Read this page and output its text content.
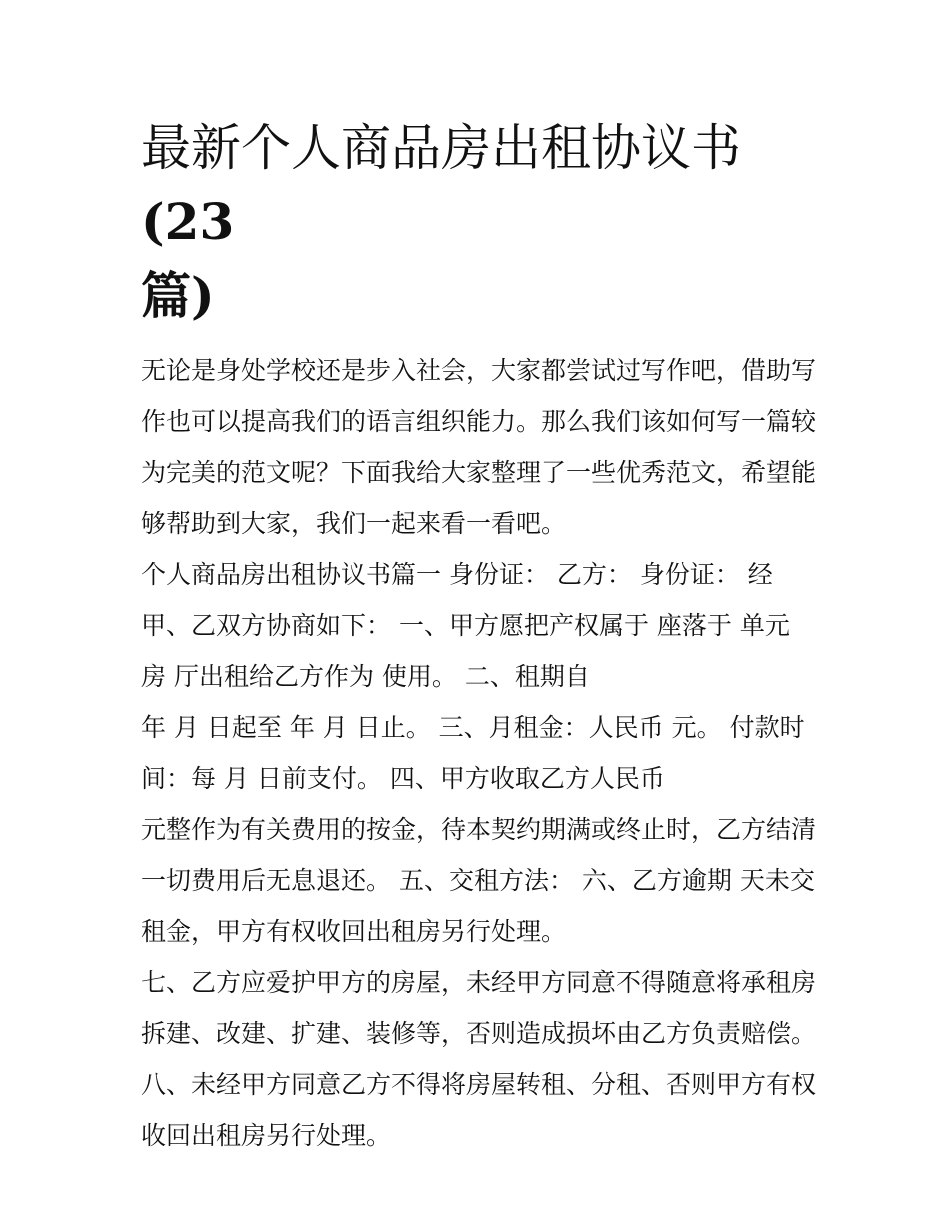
最新个人商品房出租协议书(23
篇)
无论是身处学校还是步入社会，大家都尝试过写作吧，借助写
作也可以提高我们的语言组织能力。那么我们该如何写一篇较
为完美的范文呢？下面我给大家整理了一些优秀范文，希望能
够帮助到大家，我们一起来看一看吧。
个人商品房出租协议书篇一 身份证： 乙方： 身份证： 经
甲、乙双方协商如下： 一、甲方愿把产权属于 座落于 单元
房 厅出租给乙方作为 使用。 二、租期自
年 月 日起至 年 月 日止。 三、月租金：人民币 元。 付款时
间：每 月 日前支付。 四、甲方收取乙方人民币
元整作为有关费用的按金，待本契约期满或终止时，乙方结清
一切费用后无息退还。 五、交租方法： 六、乙方逾期 天未交
租金，甲方有权收回出租房另行处理。
七、乙方应爱护甲方的房屋，未经甲方同意不得随意将承租房
拆建、改建、扩建、装修等，否则造成损坏由乙方负责赔偿。
八、未经甲方同意乙方不得将房屋转租、分租、否则甲方有权
收回出租房另行处理。
